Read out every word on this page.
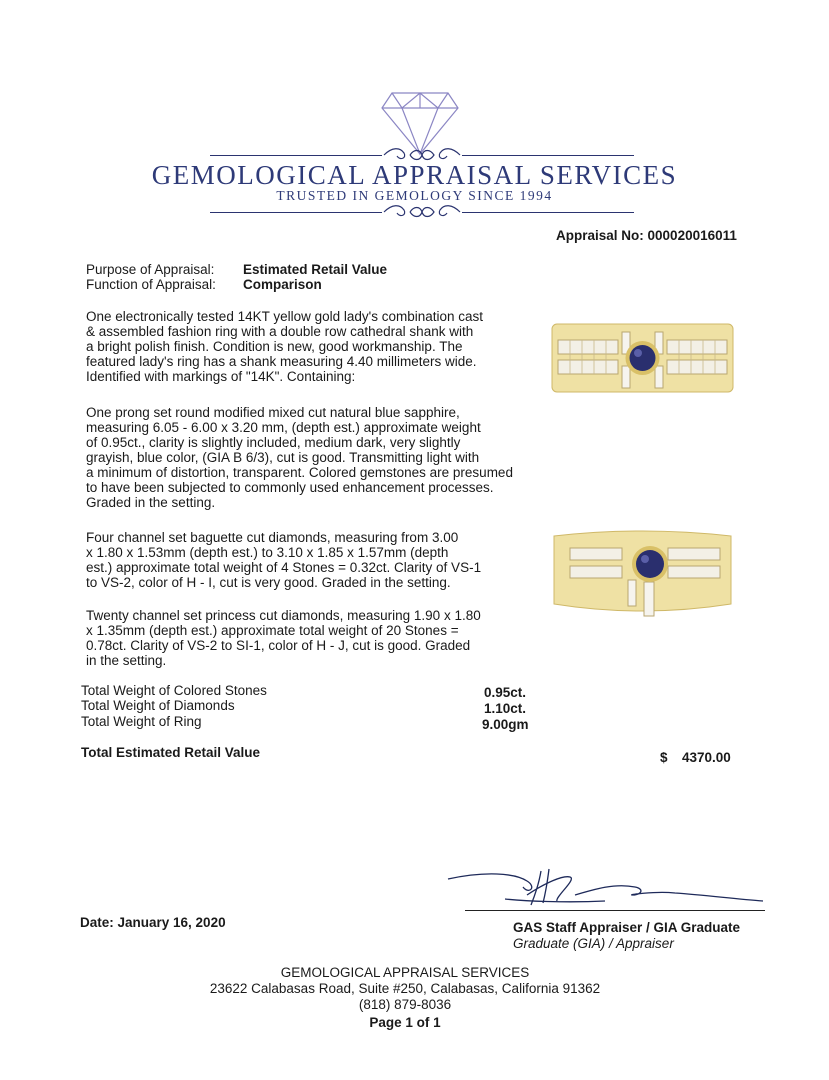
GEMOLOGICAL APPRAISAL SERVICES
TRUSTED IN GEMOLOGY SINCE 1994
Appraisal No: 000020016011
Purpose of Appraisal: Estimated Retail Value
Function of Appraisal: Comparison
One electronically tested 14KT yellow gold lady's combination cast
& assembled fashion ring with a double row cathedral shank with
a bright polish finish. Condition is new, good workmanship. The
featured lady's ring has a shank measuring 4.40 millimeters wide.
Identified with markings of "14K". Containing:
One prong set round modified mixed cut natural blue sapphire,
measuring 6.05 - 6.00 x 3.20 mm, (depth est.) approximate weight
of 0.95ct., clarity is slightly included, medium dark, very slightly
grayish, blue color, (GIA B 6/3), cut is good. Transmitting light with
a minimum of distortion, transparent. Colored gemstones are presumed
to have been subjected to commonly used enhancement processes.
Graded in the setting.
Four channel set baguette cut diamonds, measuring from 3.00
x 1.80 x 1.53mm (depth est.) to 3.10 x 1.85 x 1.57mm (depth
est.) approximate total weight of 4 Stones = 0.32ct. Clarity of VS-1
to VS-2, color of H - I, cut is very good. Graded in the setting.
Twenty channel set princess cut diamonds, measuring 1.90 x 1.80
x 1.35mm (depth est.) approximate total weight of 20 Stones =
0.78ct. Clarity of VS-2 to SI-1, color of H - J, cut is good. Graded
in the setting.
Total Weight of Colored Stones	0.95ct.
Total Weight of Diamonds	1.10ct.
Total Weight of Ring	9.00gm
Total Estimated Retail Value	$ 4370.00
Date: January 16, 2020	GAS Staff Appraiser / GIA Graduate
Graduate (GIA) / Appraiser
GEMOLOGICAL APPRAISAL SERVICES
23622 Calabasas Road, Suite #250, Calabasas, California 91362
(818) 879-8036
Page 1 of 1
